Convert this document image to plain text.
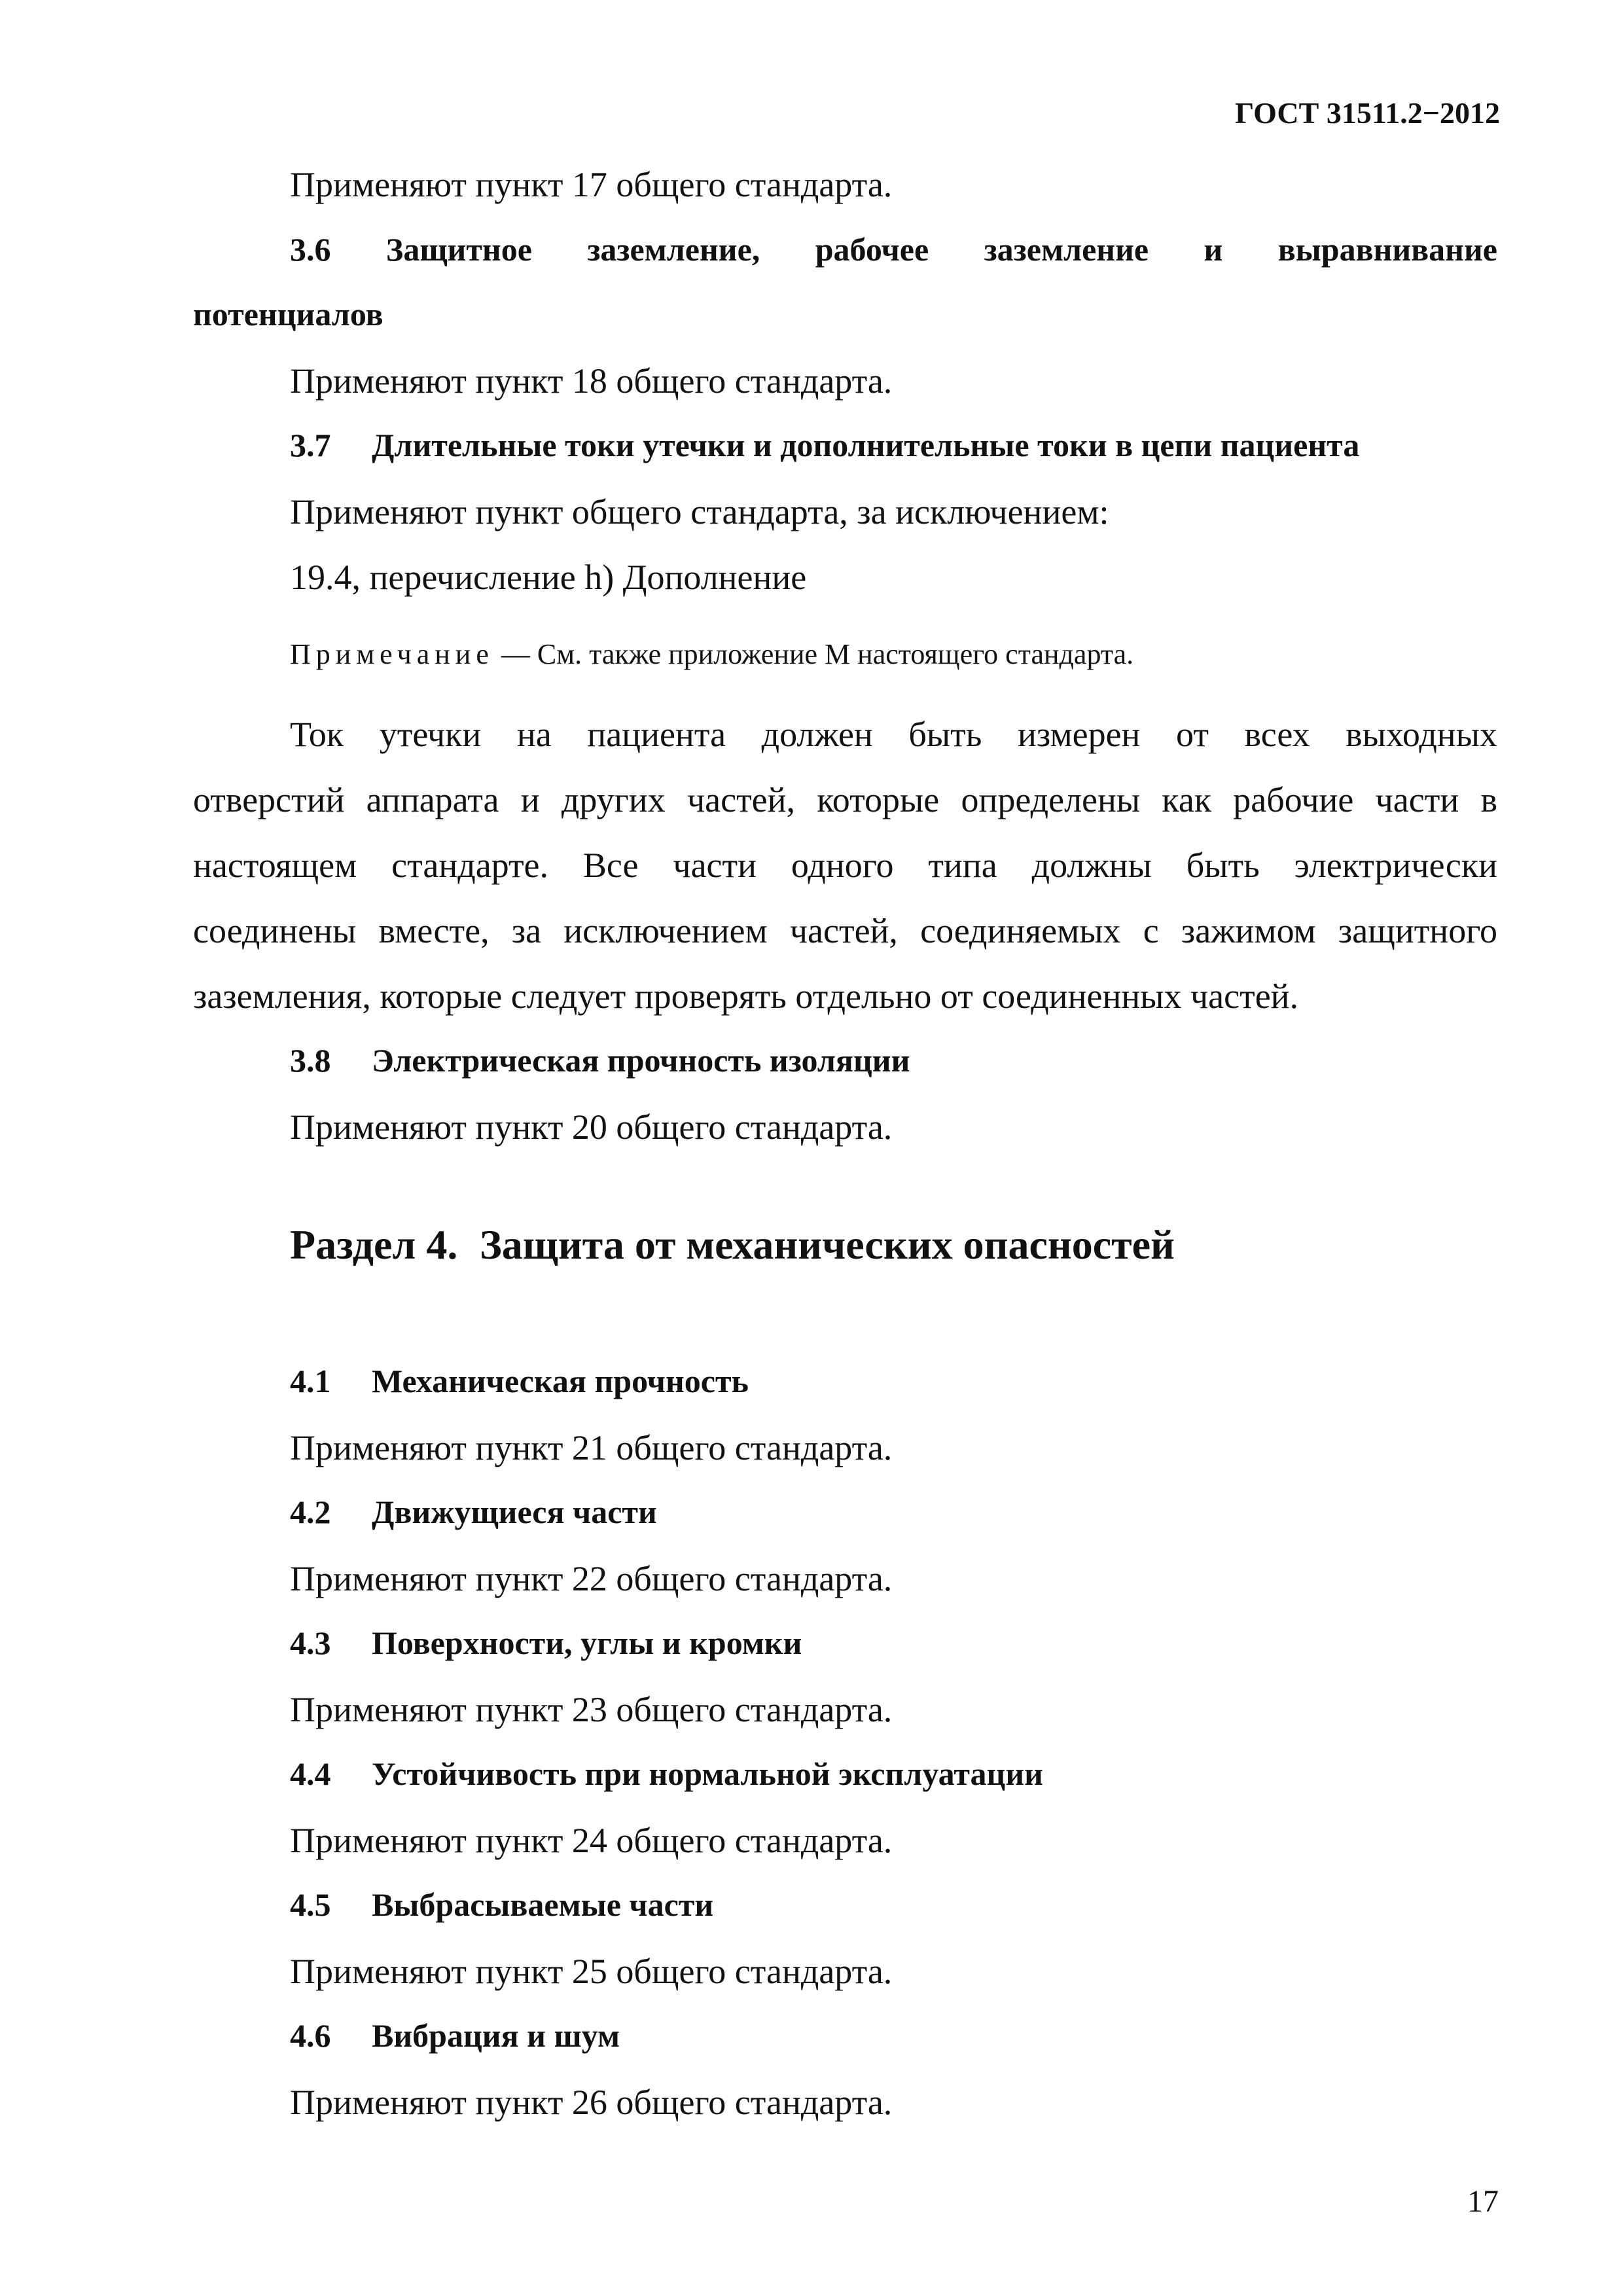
ГОСТ 31511.2−2012
Применяют пункт 17 общего стандарта.
3.6 Защитное заземление, рабочее заземление и выравнивание
потенциалов
Применяют пункт 18 общего стандарта.
3.7 Длительные токи утечки и дополнительные токи в цепи пациента
Применяют пункт общего стандарта, за исключением:
19.4, перечисление h) Дополнение
Примечание — См. также приложение М настоящего стандарта.
Ток утечки на пациента должен быть измерен от всех выходных
отверстий аппарата и других частей, которые определены как рабочие части в
настоящем стандарте. Все части одного типа должны быть электрически
соединены вместе, за исключением частей, соединяемых с зажимом защитного
заземления, которые следует проверять отдельно от соединенных частей.
3.8 Электрическая прочность изоляции
Применяют пункт 20 общего стандарта.
Раздел 4. Защита от механических опасностей
4.1 Механическая прочность
Применяют пункт 21 общего стандарта.
4.2 Движущиеся части
Применяют пункт 22 общего стандарта.
4.3 Поверхности, углы и кромки
Применяют пункт 23 общего стандарта.
4.4 Устойчивость при нормальной эксплуатации
Применяют пункт 24 общего стандарта.
4.5 Выбрасываемые части
Применяют пункт 25 общего стандарта.
4.6 Вибрация и шум
Применяют пункт 26 общего стандарта.
17
